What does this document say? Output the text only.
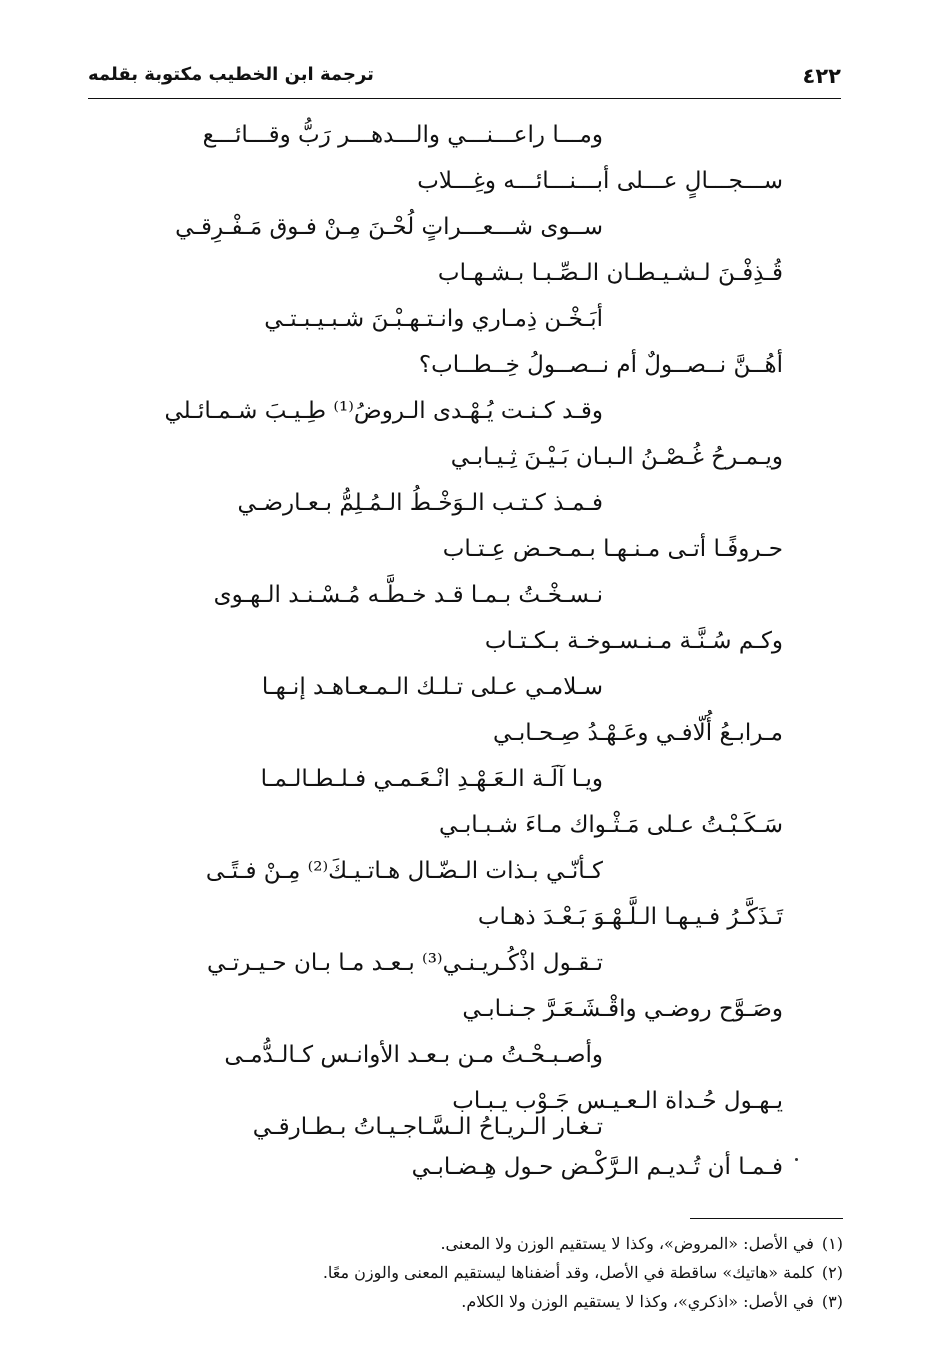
٤٢٢
ترجمة ابن الخطيب مكتوبة بقلمه
ومـــا راعـــنـــي والـــدهـــر رَبُّ وقـــائـــع
ســـجـــالٍ عـــلى أبـــنـــائـــه وغِـــلاب
ســوى شـــعـــراتٍ لُحْـنَ مِـنْ فـوق مَـفْـرِقـي
قُـذِفْـنَ لـشـيـطـان الـصِّـبـا بـشـهـاب
أبَـخْـن ذِمـاري وانـتـهـبْـنَ شـبـيـبـتـي
أهُــنَّ نــصــولٌ أم نــصــولُ خِــطــاب؟
وقـد كـنـت يُـهْـدى الـروضُ⁽¹⁾ طِـيـبَ شـمـائـلي
ويـمـرحُ غُـصْـنُ الـبـان بَـيْـنَ ثِـيـابـي
فـمـذ كـتـب الـوَخْـطُ الـمُـلِمُّ بـعـارضـي
حـروفًـا أتـى مـنـهـا بـمـحـض عِـتـاب
نـسـخْـتُ بـمـا قـد خـطَّـه مُـسْـنـد الـهـوى
وكـم سُـنَّـة مـنـسـوخـة بـكـتـاب
سـلامـي عـلى تـلـك الـمـعـاهـد إنـهـا
مـرابـعُ أُلّافـي وعَـهْـدُ صِـحـابـي
ويـا آلَـة الـعَـهْـدِ انْـعَـمـي فـلـطـالـمـا
سَـكَـبْـتُ عـلى مَـثْـواك مـاءَ شـبـابـي
كـأنّـي بـذات الـضّـال هـاتـيـكَ⁽²⁾ مِـنْ فـتًـى
تَـذَكَّـرُ فـيـهـا الـلَّـهْـوَ بَـعْـدَ ذهـاب
تـقـول اذْكُـريـنـي⁽³⁾ بـعـد مـا بـان حـيـرتـي
وصَـوَّح روضـي واقْـشَـعَـرَّ جـنـابـي
وأصـبـحْـتُ مـن بـعـد الأوانـس كـالـدُّمـى
يـهـول حُـداة الـعـيـس جَـوْب يـبـاب
تـغـار الـريـاحُ الـسَّـاجـيـاتُ بـطـارقـي
فـمـا أن تُـديـم الـرَّكْـض حـول هِـضـابـي
(١)في الأصل: «المروض»، وكذا لا يستقيم الوزن ولا المعنى.
(٢)كلمة «هاتيك» ساقطة في الأصل، وقد أضفناها ليستقيم المعنى والوزن معًا.
(٣)في الأصل: «اذكري»، وكذا لا يستقيم الوزن ولا الكلام.
